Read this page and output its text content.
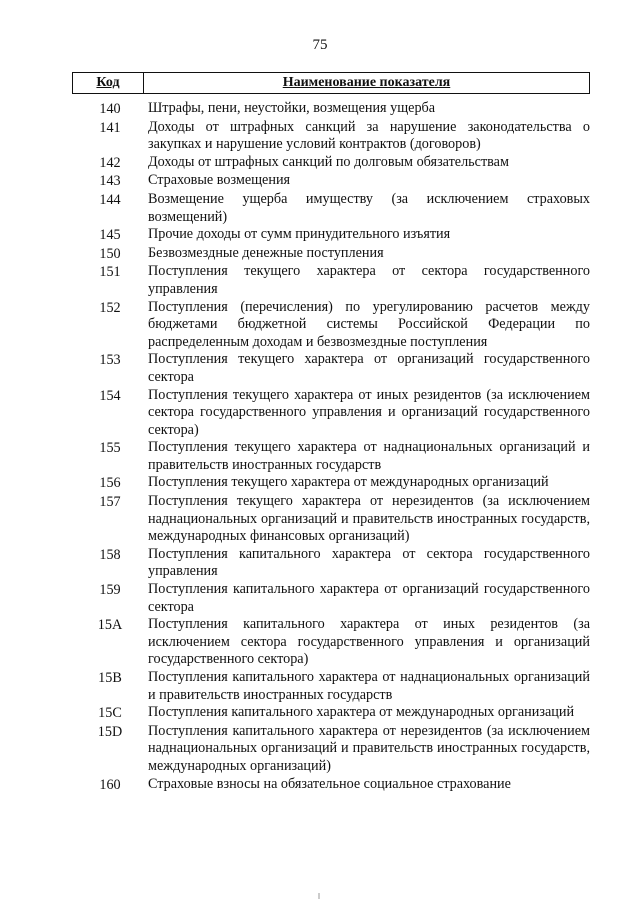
75
Код	Наименование показателя
140	Штрафы, пени, неустойки, возмещения ущерба
141	Доходы от штрафных санкций за нарушение законодательства о закупках и нарушение условий контрактов (договоров)
142	Доходы от штрафных санкций по долговым обязательствам
143	Страховые возмещения
144	Возмещение ущерба имуществу (за исключением страховых возмещений)
145	Прочие доходы от сумм принудительного изъятия
150	Безвозмездные денежные поступления
151	Поступления текущего характера от сектора государственного управления
152	Поступления (перечисления) по урегулированию расчетов между бюджетами бюджетной системы Российской Федерации по распределенным доходам и безвозмездные поступления
153	Поступления текущего характера от организаций государственного сектора
154	Поступления текущего характера от иных резидентов (за исключением сектора государственного управления и организаций государственного сектора)
155	Поступления текущего характера от наднациональных организаций и правительств иностранных государств
156	Поступления текущего характера от международных организаций
157	Поступления текущего характера от нерезидентов (за исключением наднациональных организаций и правительств иностранных государств, международных финансовых организаций)
158	Поступления капитального характера от сектора государственного управления
159	Поступления капитального характера от организаций государственного сектора
15A	Поступления капитального характера от иных резидентов (за исключением сектора государственного управления и организаций государственного сектора)
15B	Поступления капитального характера от наднациональных организаций и правительств иностранных государств
15C	Поступления капитального характера от международных организаций
15D	Поступления капитального характера от нерезидентов (за исключением наднациональных организаций и правительств иностранных государств, международных организаций)
160	Страховые взносы на обязательное социальное страхование
